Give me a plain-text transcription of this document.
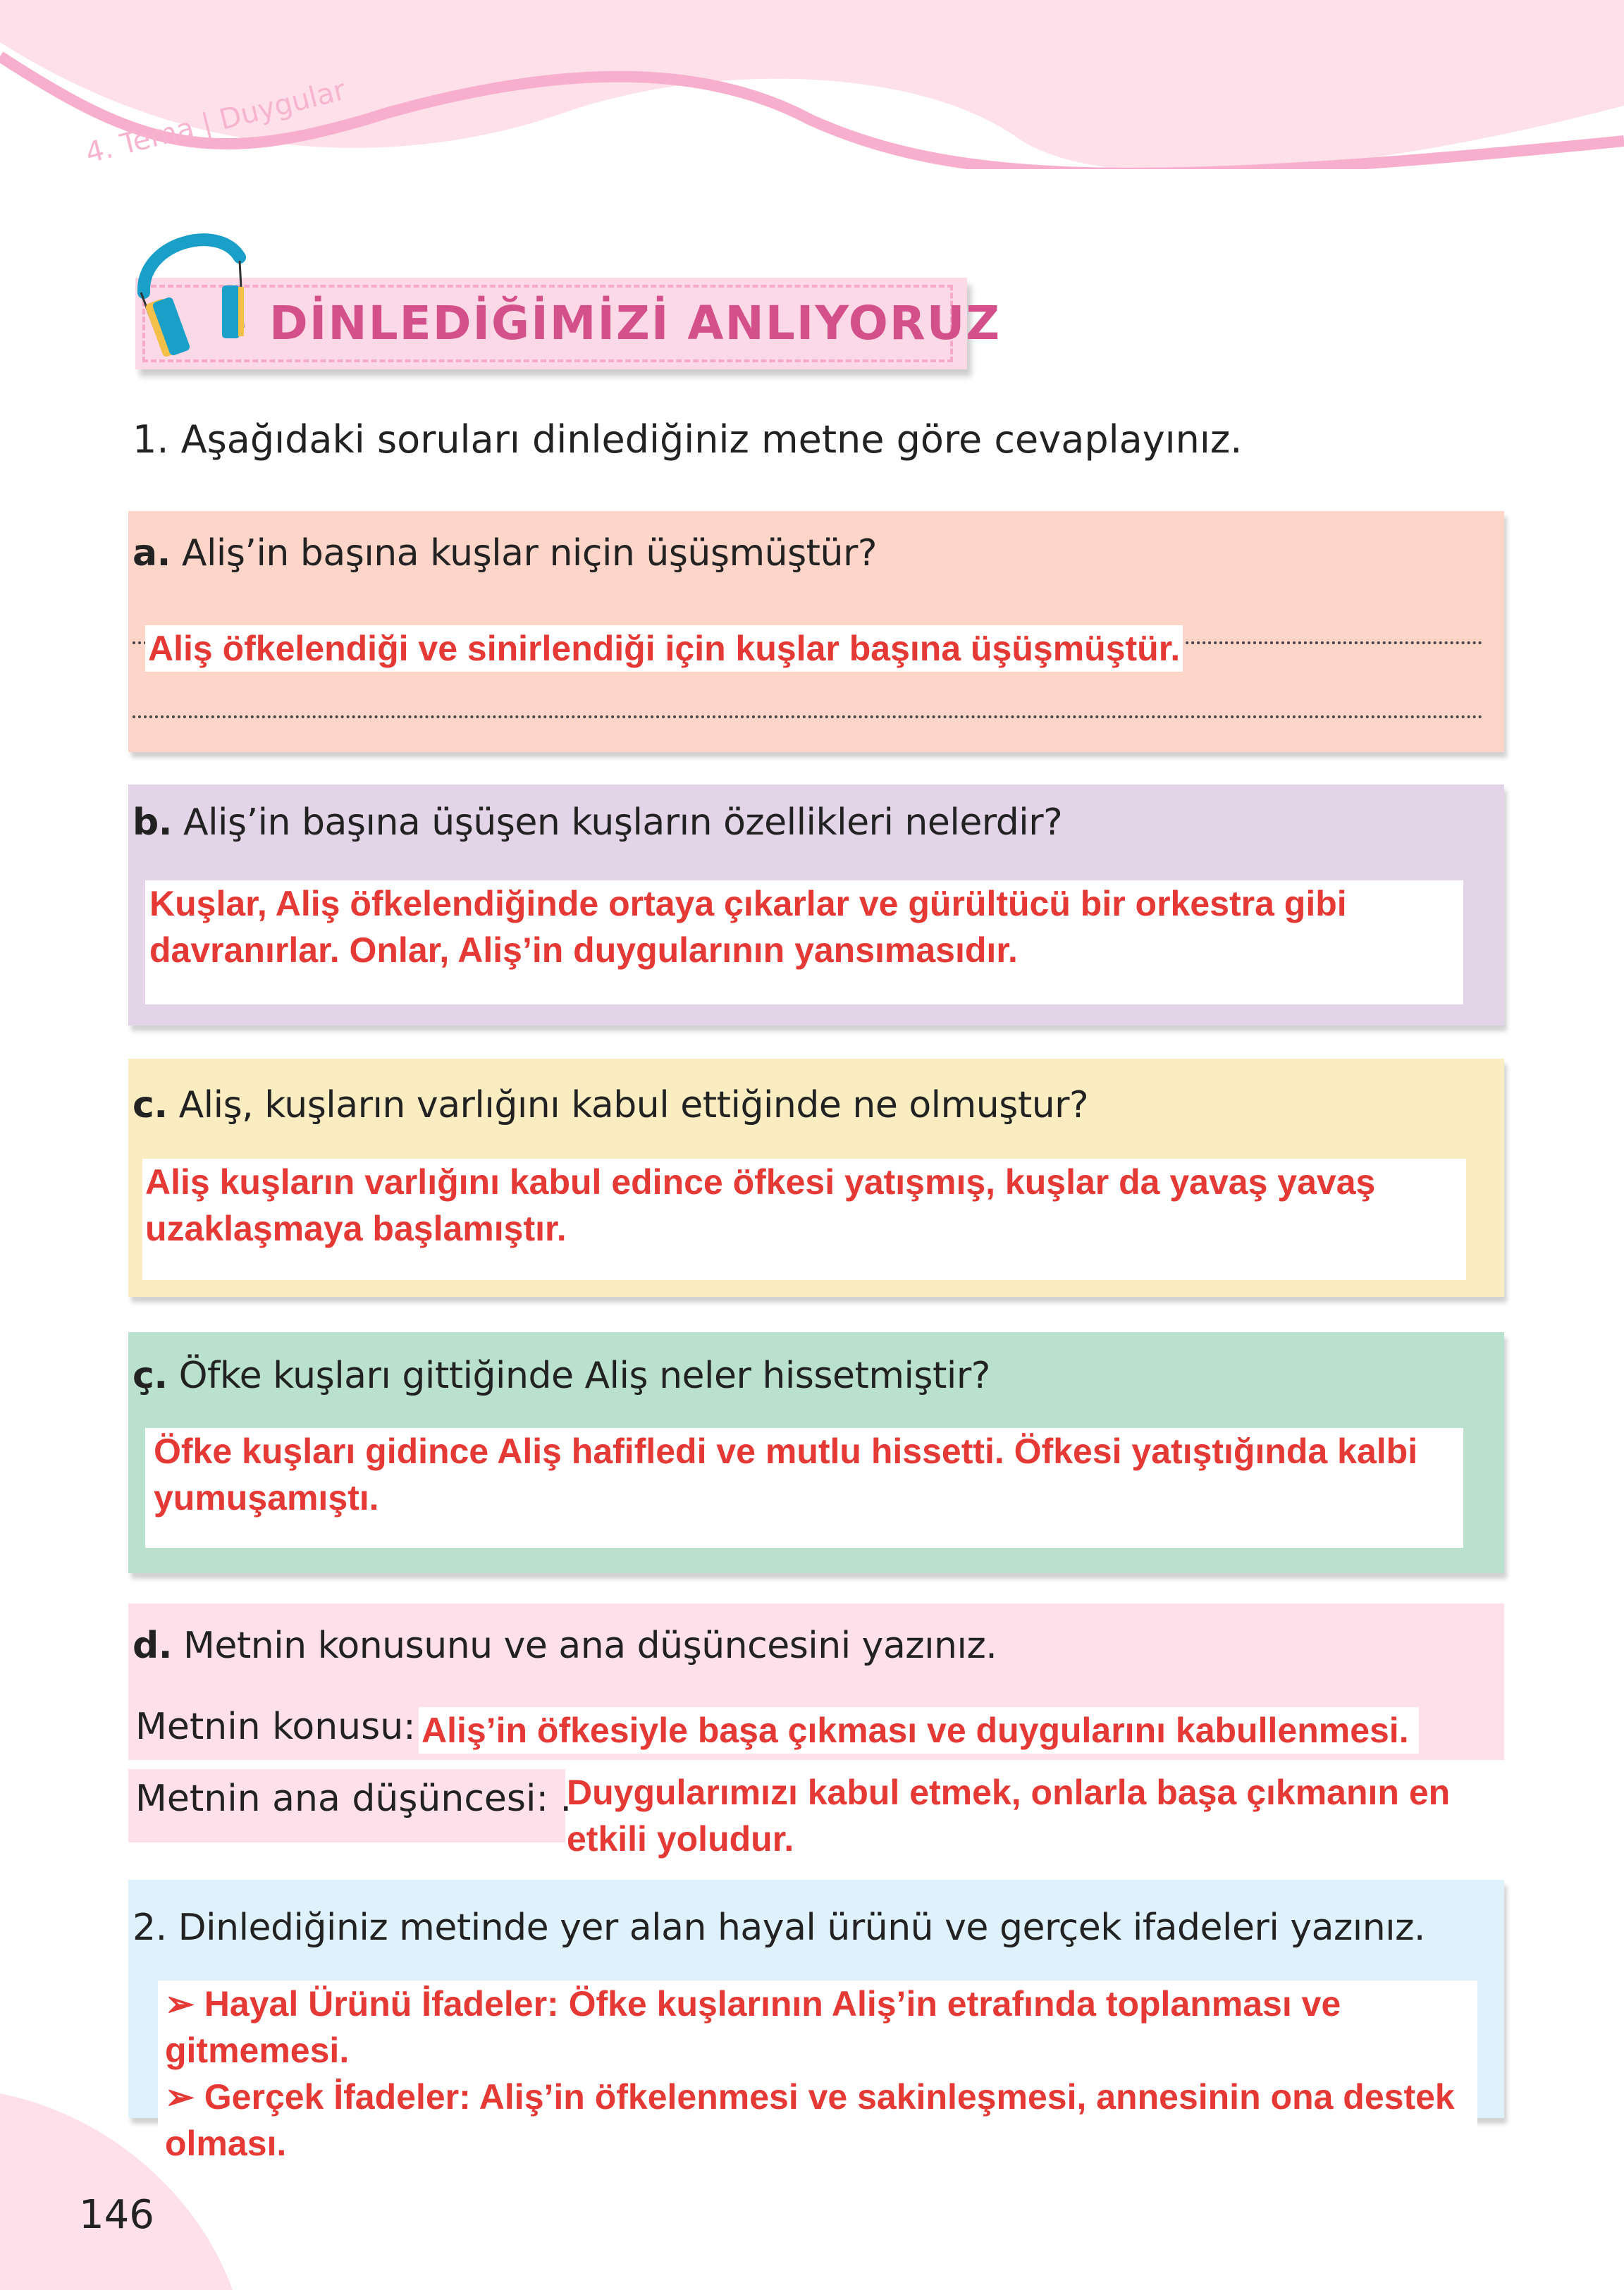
4. Tema | Duygular
DİNLEDİĞİMİZİ ANLIYORUZ
1. Aşağıdaki soruları dinlediğiniz metne göre cevaplayınız.
a. Aliş’in başına kuşlar niçin üşüşmüştür?
Aliş öfkelendiği ve sinirlendiği için kuşlar başına üşüşmüştür.
b. Aliş’in başına üşüşen kuşların özellikleri nelerdir?
Kuşlar, Aliş öfkelendiğinde ortaya çıkarlar ve gürültücü bir orkestra gibi davranırlar. Onlar, Aliş’in duygularının yansımasıdır.
c. Aliş, kuşların varlığını kabul ettiğinde ne olmuştur?
Aliş kuşların varlığını kabul edince öfkesi yatışmış, kuşlar da yavaş yavaş uzaklaşmaya başlamıştır.
ç. Öfke kuşları gittiğinde Aliş neler hissetmiştir?
Öfke kuşları gidince Aliş hafifledi ve mutlu hissetti. Öfkesi yatıştığında kalbi yumuşamıştı.
d. Metnin konusunu ve ana düşüncesini yazınız.
Metnin konusu: Aliş’in öfkesiyle başa çıkması ve duygularını kabullenmesi.
Metnin ana düşüncesi: .
Duygularımızı kabul etmek, onlarla başa çıkmanın en etkili yoludur.
2. Dinlediğiniz metinde yer alan hayal ürünü ve gerçek ifadeleri yazınız.
➢ Hayal Ürünü İfadeler: Öfke kuşlarının Aliş’in etrafında toplanması ve gitmemesi.
➢ Gerçek İfadeler: Aliş’in öfkelenmesi ve sakinleşmesi, annesinin ona destek olması.
146
